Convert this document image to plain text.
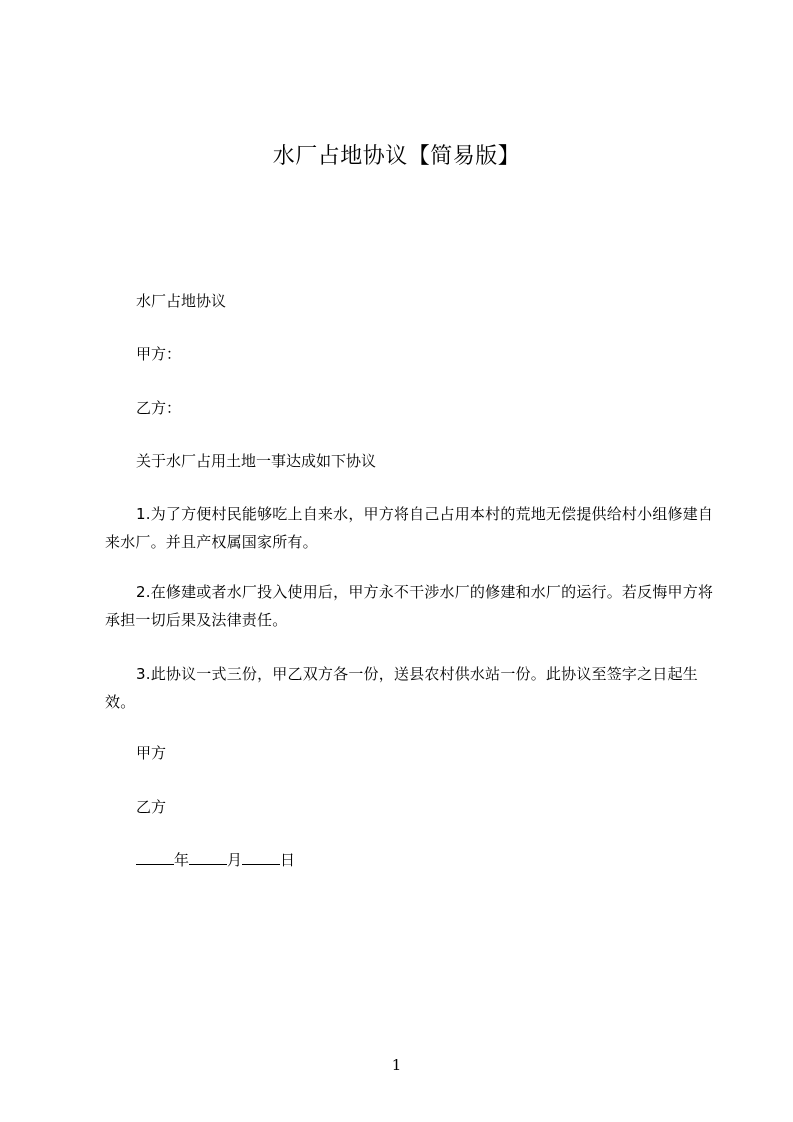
水厂占地协议【简易版】

水厂占地协议

甲方：

乙方：

关于水厂占用土地一事达成如下协议

1.为了方便村民能够吃上自来水，甲方将自己占用本村的荒地无偿提供给村小组修建自来水厂。并且产权属国家所有。

2.在修建或者水厂投入使用后，甲方永不干涉水厂的修建和水厂的运行。若反悔甲方将承担一切后果及法律责任。

3.此协议一式三份，甲乙双方各一份，送县农村供水站一份。此协议至签字之日起生效。

甲方

乙方

年	月	日

1
